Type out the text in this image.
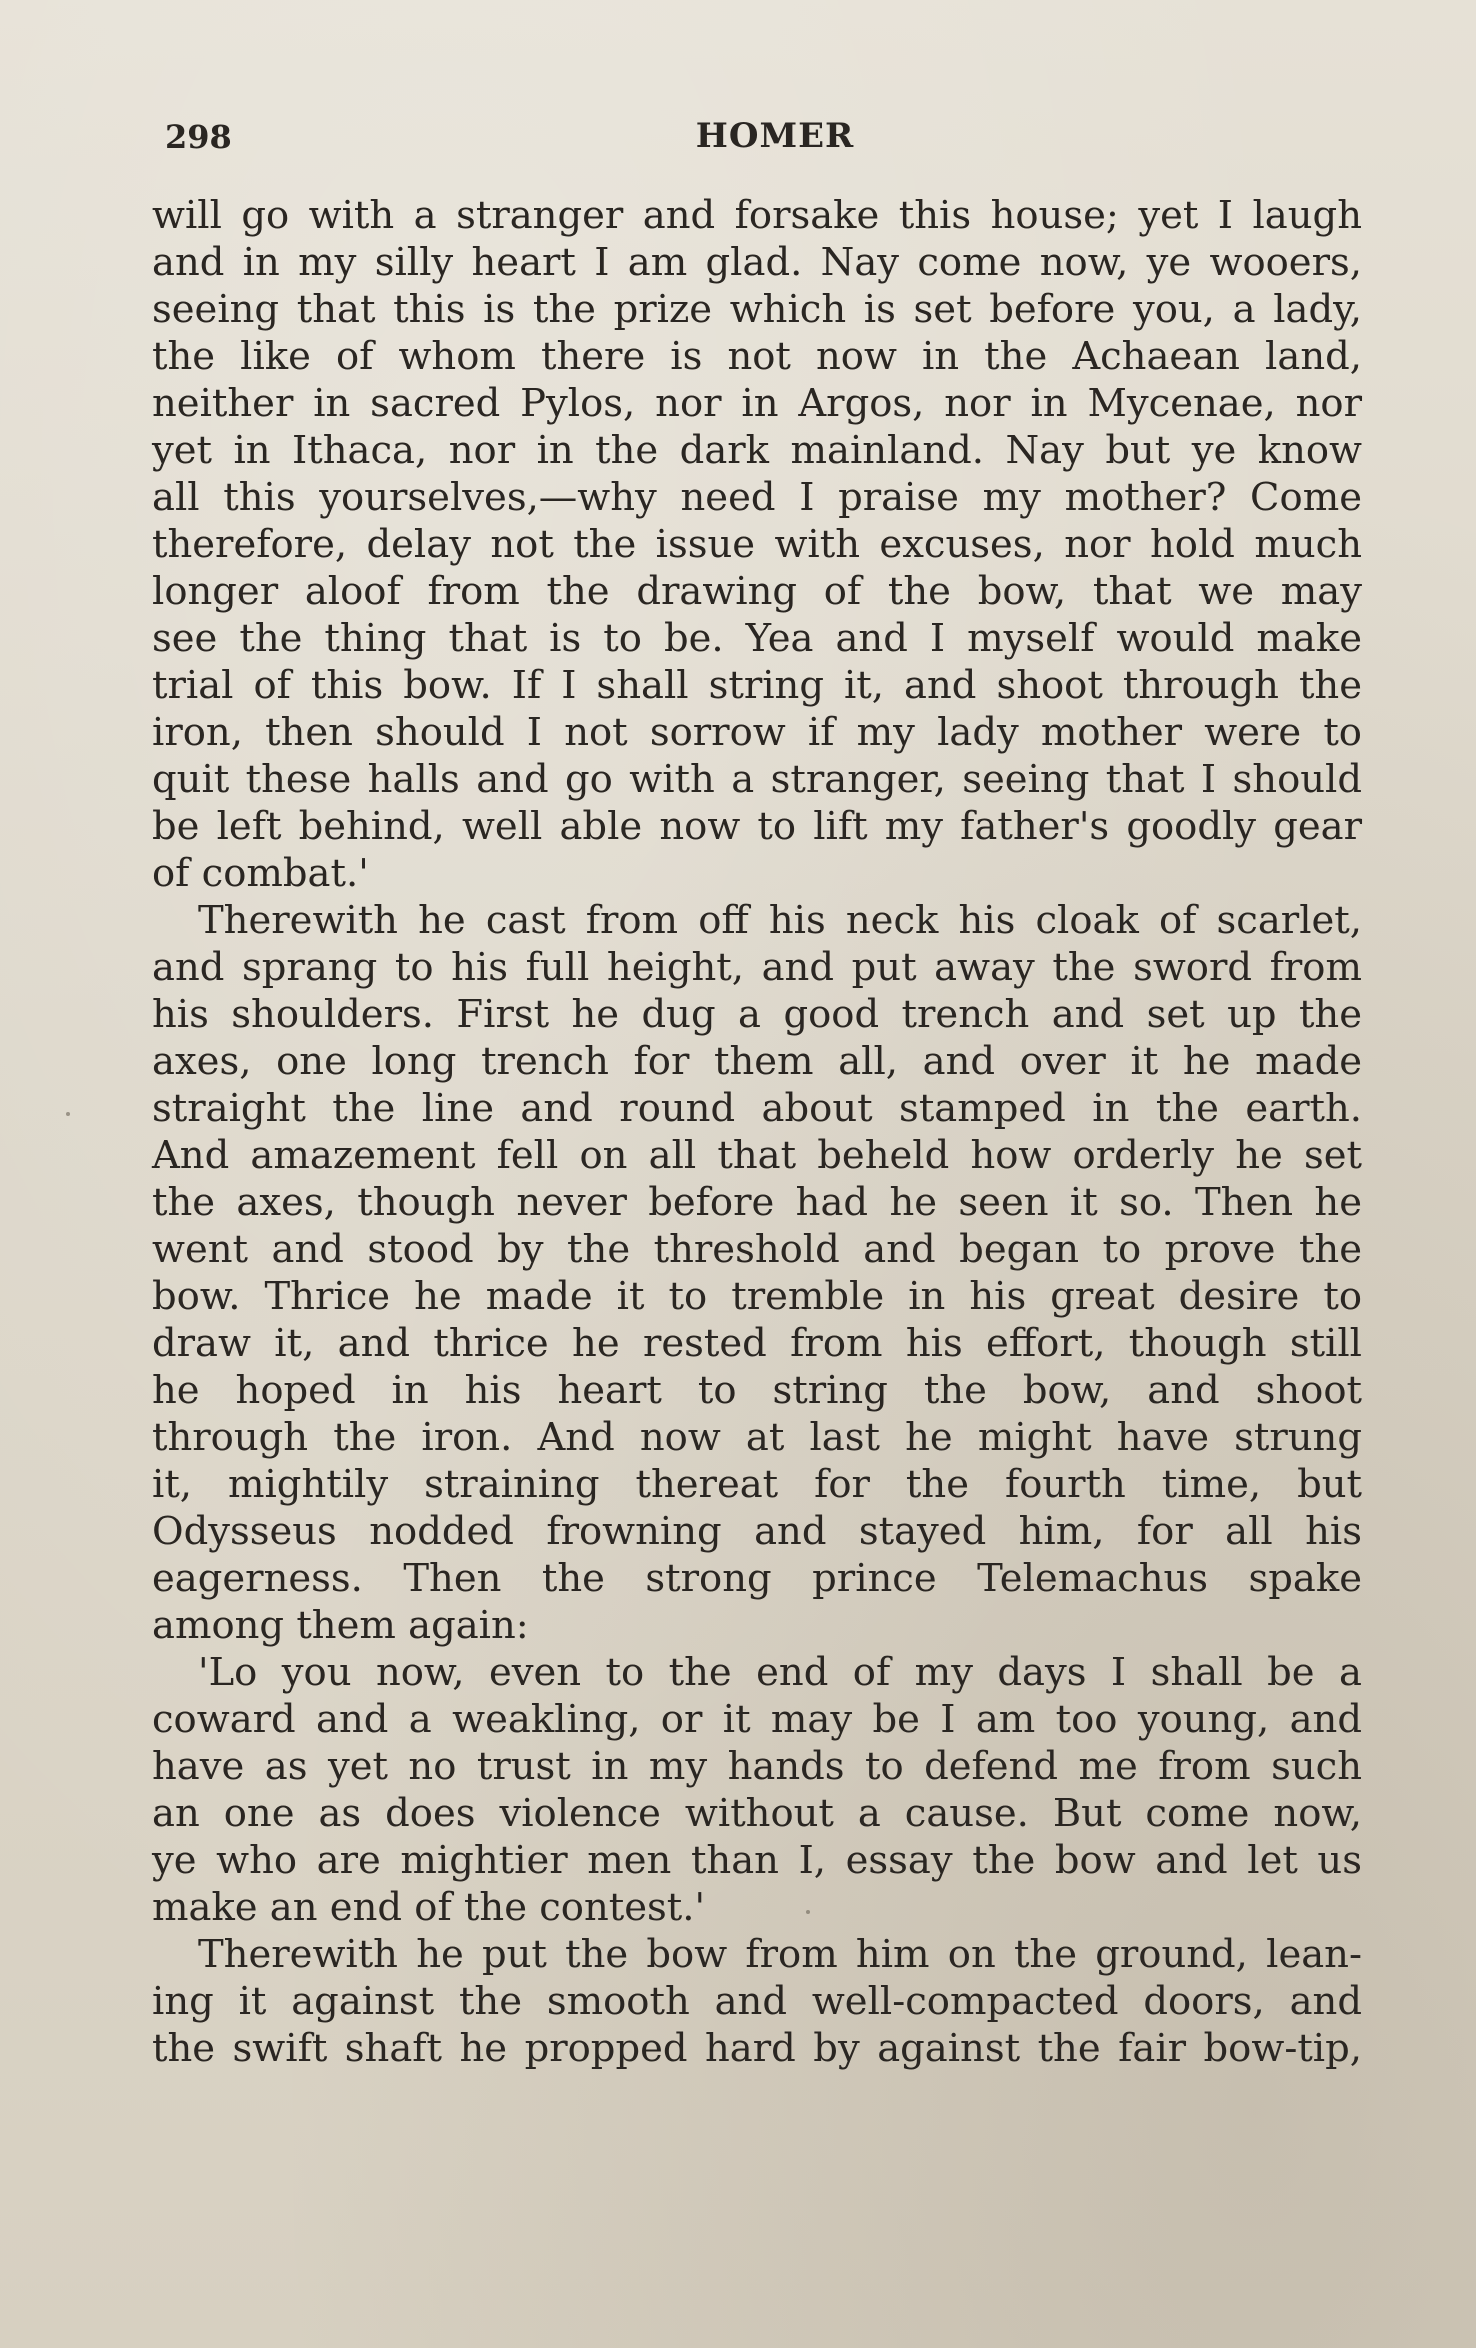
298	HOMER
will go with a stranger and forsake this house; yet I laugh
and in my silly heart I am glad. Nay come now, ye wooers,
seeing that this is the prize which is set before you, a lady,
the like of whom there is not now in the Achaean land,
neither in sacred Pylos, nor in Argos, nor in Mycenae, nor
yet in Ithaca, nor in the dark mainland. Nay but ye know
all this yourselves,—why need I praise my mother? Come
therefore, delay not the issue with excuses, nor hold much
longer aloof from the drawing of the bow, that we may
see the thing that is to be. Yea and I myself would make
trial of this bow. If I shall string it, and shoot through the
iron, then should I not sorrow if my lady mother were to
quit these halls and go with a stranger, seeing that I should
be left behind, well able now to lift my father's goodly gear
of combat.'
Therewith he cast from off his neck his cloak of scarlet,
and sprang to his full height, and put away the sword from
his shoulders. First he dug a good trench and set up the
axes, one long trench for them all, and over it he made
straight the line and round about stamped in the earth.
And amazement fell on all that beheld how orderly he set
the axes, though never before had he seen it so. Then he
went and stood by the threshold and began to prove the
bow. Thrice he made it to tremble in his great desire to
draw it, and thrice he rested from his effort, though still
he hoped in his heart to string the bow, and shoot
through the iron. And now at last he might have strung
it, mightily straining thereat for the fourth time, but
Odysseus nodded frowning and stayed him, for all his
eagerness. Then the strong prince Telemachus spake
among them again:
'Lo you now, even to the end of my days I shall be a
coward and a weakling, or it may be I am too young, and
have as yet no trust in my hands to defend me from such
an one as does violence without a cause. But come now,
ye who are mightier men than I, essay the bow and let us
make an end of the contest.'
Therewith he put the bow from him on the ground, lean-
ing it against the smooth and well-compacted doors, and
the swift shaft he propped hard by against the fair bow-tip,
